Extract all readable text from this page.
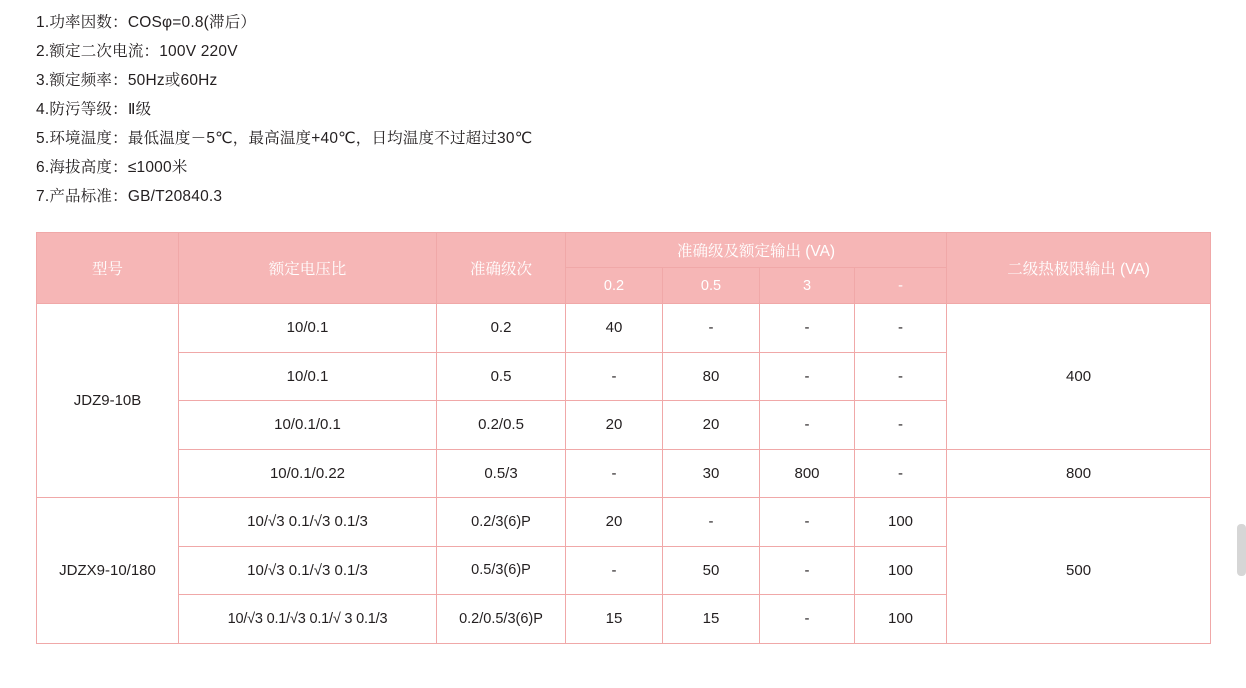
1.功率因数：COSφ=0.8(滞后）
2.额定二次电流：100V 220V
3.额定频率：50Hz或60Hz
4.防污等级：Ⅱ级
5.环境温度：最低温度－5℃，最高温度+40℃，日均温度不过超过30℃
6.海拔高度：≤1000米
7.产品标准：GB/T20840.3
型号	额定电压比	准确级次	准确级及额定输出 (VA)				二级热极限输出 (VA)
			0.2	0.5	3	-	
JDZ9-10B	10/0.1	0.2	40	-	-	-	400
	10/0.1	0.5	-	80	-	-	
	10/0.1/0.1	0.2/0.5	20	20	-	-	
	10/0.1/0.22	0.5/3	-	30	800	-	800
JDZX9-10/180	10/√3 0.1/√3 0.1/3	0.2/3(6)P	20	-	-	100	500
	10/√3 0.1/√3 0.1/3	0.5/3(6)P	-	50	-	100	
	10/√3 0.1/√3 0.1/√ 3 0.1/3	0.2/0.5/3(6)P	15	15	-	100	
